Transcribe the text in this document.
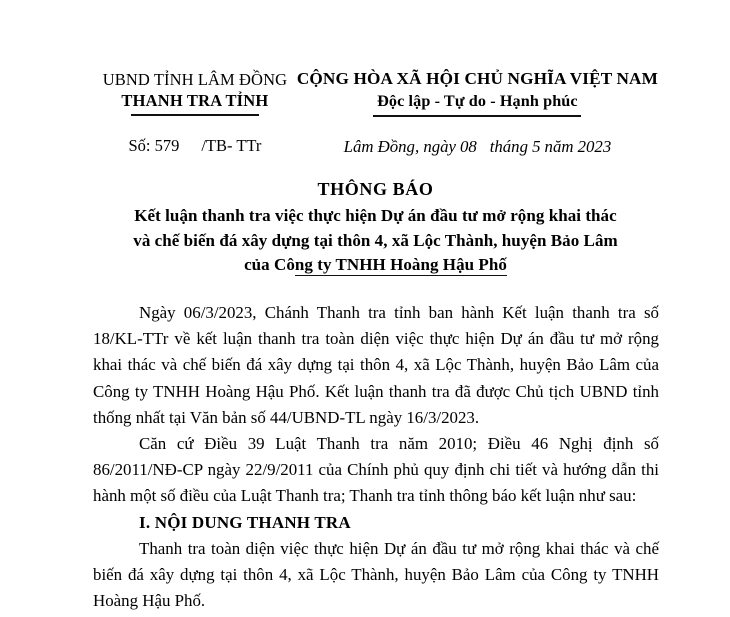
UBND TỈNH LÂM ĐỒNG
THANH TRA TỈNH
Số: 579 /TB- TTr
CỘNG HÒA XÃ HỘI CHỦ NGHĨA VIỆT NAM
Độc lập - Tự do - Hạnh phúc
Lâm Đồng, ngày 08 tháng 5 năm 2023
THÔNG BÁO
Kết luận thanh tra việc thực hiện Dự án đầu tư mở rộng khai thác
và chế biến đá xây dựng tại thôn 4, xã Lộc Thành, huyện Bảo Lâm
của Công ty TNHH Hoàng Hậu Phố

Ngày 06/3/2023, Chánh Thanh tra tỉnh ban hành Kết luận thanh tra số 18/KL-TTr về kết luận thanh tra toàn diện việc thực hiện Dự án đầu tư mở rộng khai thác và chế biến đá xây dựng tại thôn 4, xã Lộc Thành, huyện Bảo Lâm của Công ty TNHH Hoàng Hậu Phố. Kết luận thanh tra đã được Chủ tịch UBND tỉnh thống nhất tại Văn bản số 44/UBND-TL ngày 16/3/2023.

Căn cứ Điều 39 Luật Thanh tra năm 2010; Điều 46 Nghị định số 86/2011/NĐ-CP ngày 22/9/2011 của Chính phủ quy định chi tiết và hướng dẫn thi hành một số điều của Luật Thanh tra; Thanh tra tỉnh thông báo kết luận như sau:

I. NỘI DUNG THANH TRA

Thanh tra toàn diện việc thực hiện Dự án đầu tư mở rộng khai thác và chế biến đá xây dựng tại thôn 4, xã Lộc Thành, huyện Bảo Lâm của Công ty TNHH Hoàng Hậu Phố.
